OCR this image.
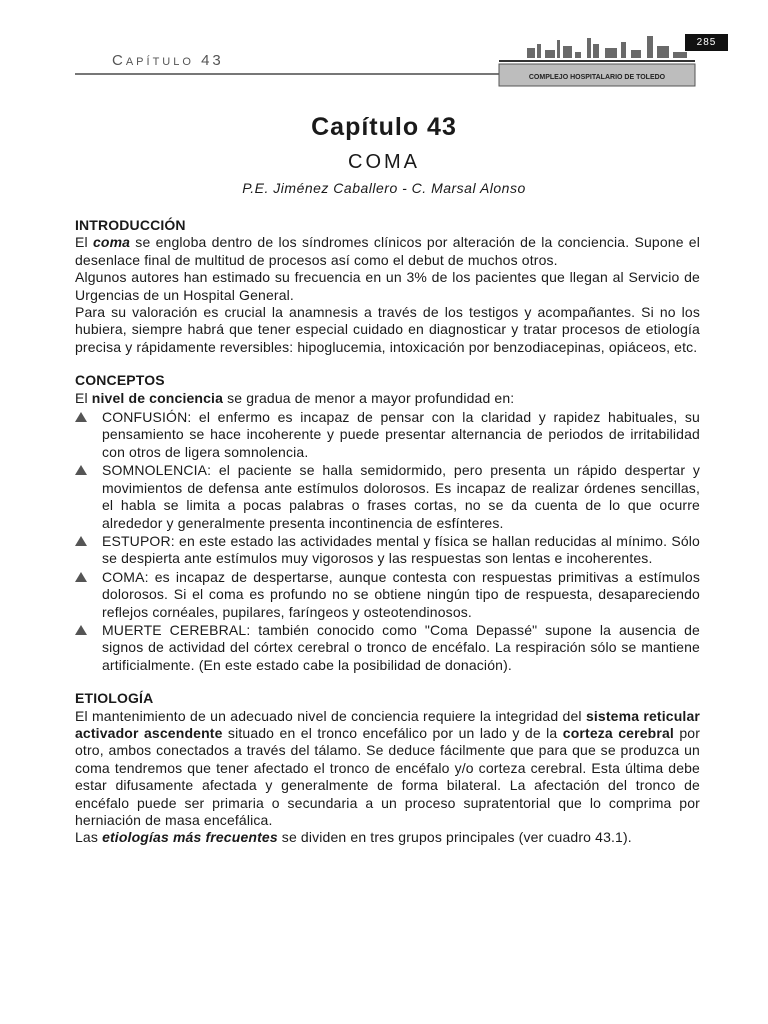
285
Capítulo 43
COMPLEJO HOSPITALARIO DE TOLEDO
Capítulo 43
COMA
P.E. Jiménez Caballero - C. Marsal Alonso
INTRODUCCIÓN

El coma se engloba dentro de los síndromes clínicos por alteración de la conciencia. Supone el desenlace final de multitud de procesos así como el debut de muchos otros.

Algunos autores han estimado su frecuencia en un 3% de los pacientes que llegan al Servicio de Urgencias de un Hospital General.

Para su valoración es crucial la anamnesis a través de los testigos y acompañantes. Si no los hubiera, siempre habrá que tener especial cuidado en diagnosticar y tratar procesos de etiología precisa y rápidamente reversibles: hipoglucemia, intoxicación por benzodiacepinas, opiáceos, etc.

CONCEPTOS

El nivel de conciencia se gradua de menor a mayor profundidad en:

CONFUSIÓN: el enfermo es incapaz de pensar con la claridad y rapidez habituales, su pensamiento se hace incoherente y puede presentar alternancia de periodos de irritabilidad con otros de ligera somnolencia.
SOMNOLENCIA: el paciente se halla semidormido, pero presenta un rápido despertar y movimientos de defensa ante estímulos dolorosos. Es incapaz de realizar órdenes sencillas, el habla se limita a pocas palabras o frases cortas, no se da cuenta de lo que ocurre alrededor y generalmente presenta incontinencia de esfínteres.
ESTUPOR: en este estado las actividades mental y física se hallan reducidas al mínimo. Sólo se despierta ante estímulos muy vigorosos y las respuestas son lentas e incoherentes.
COMA: es incapaz de despertarse, aunque contesta con respuestas primitivas a estímulos dolorosos. Si el coma es profundo no se obtiene ningún tipo de respuesta, desapareciendo reflejos cornéales, pupilares, faríngeos y osteotendinosos.
MUERTE CEREBRAL: también conocido como "Coma Depassé" supone la ausencia de signos de actividad del córtex cerebral o tronco de encéfalo. La respiración sólo se mantiene artificialmente. (En este estado cabe la posibilidad de donación).
ETIOLOGÍA

El mantenimiento de un adecuado nivel de conciencia requiere la integridad del sistema reticular activador ascendente situado en el tronco encefálico por un lado y de la corteza cerebral por otro, ambos conectados a través del tálamo. Se deduce fácilmente que para que se produzca un coma tendremos que tener afectado el tronco de encéfalo y/o corteza cerebral. Esta última debe estar difusamente afectada y generalmente de forma bilateral. La afectación del tronco de encéfalo puede ser primaria o secundaria a un proceso supratentorial que lo comprima por herniación de masa encefálica.

Las etiologías más frecuentes se dividen en tres grupos principales (ver cuadro 43.1).
